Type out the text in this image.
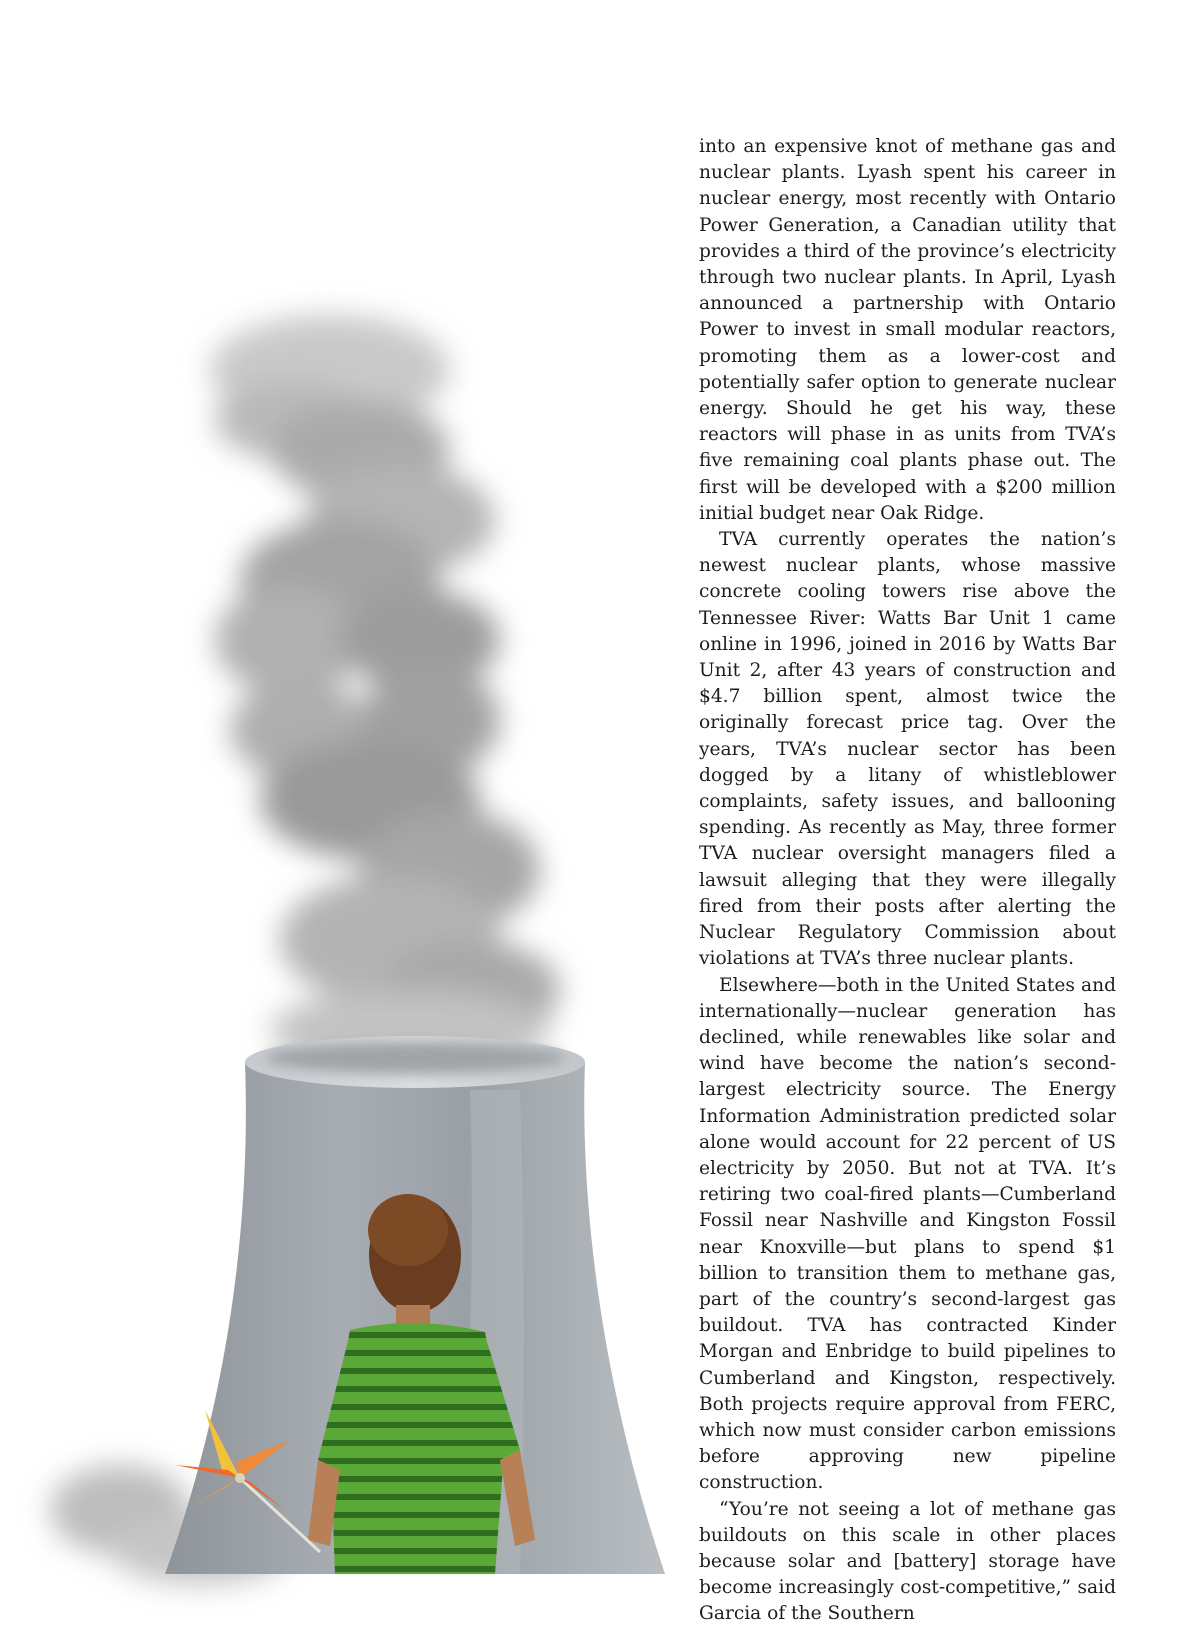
into an expensive knot of methane gas and nuclear plants. Lyash spent his career in nuclear energy, most recently with Ontario Power Generation, a Canadian utility that provides a third of the province’s electricity through two nuclear plants. In April, Lyash announced a partnership with Ontario Power to invest in small modular reactors, promoting them as a lower-cost and potentially safer option to generate nuclear energy. Should he get his way, these reactors will phase in as units from TVA’s five remaining coal plants phase out. The first will be developed with a $200 million initial budget near Oak Ridge.

TVA currently operates the nation’s newest nuclear plants, whose massive concrete cooling towers rise above the Tennessee River: Watts Bar Unit 1 came online in 1996, joined in 2016 by Watts Bar Unit 2, after 43 years of construction and $4.7 billion spent, almost twice the originally forecast price tag. Over the years, TVA’s nuclear sector has been dogged by a litany of whistleblower complaints, safety issues, and ballooning spending. As recently as May, three former TVA nuclear oversight managers filed a lawsuit alleging that they were illegally fired from their posts after alerting the Nuclear Regulatory Commission about violations at TVA’s three nuclear plants.

Elsewhere—both in the United States and internationally—nuclear generation has declined, while renewables like solar and wind have become the nation’s second-largest electricity source. The Energy Information Administration predicted solar alone would account for 22 percent of US electricity by 2050. But not at TVA. It’s retiring two coal-fired plants—Cumberland Fossil near Nashville and Kingston Fossil near Knoxville—but plans to spend $1 billion to transition them to methane gas, part of the country’s second-largest gas buildout. TVA has contracted Kinder Morgan and Enbridge to build pipelines to Cumberland and Kingston, respectively. Both projects require approval from FERC, which now must consider carbon emissions before approving new pipeline construction.

“You’re not seeing a lot of methane gas buildouts on this scale in other places because solar and [battery] storage have become increasingly cost-competitive,” said Garcia of the Southern
